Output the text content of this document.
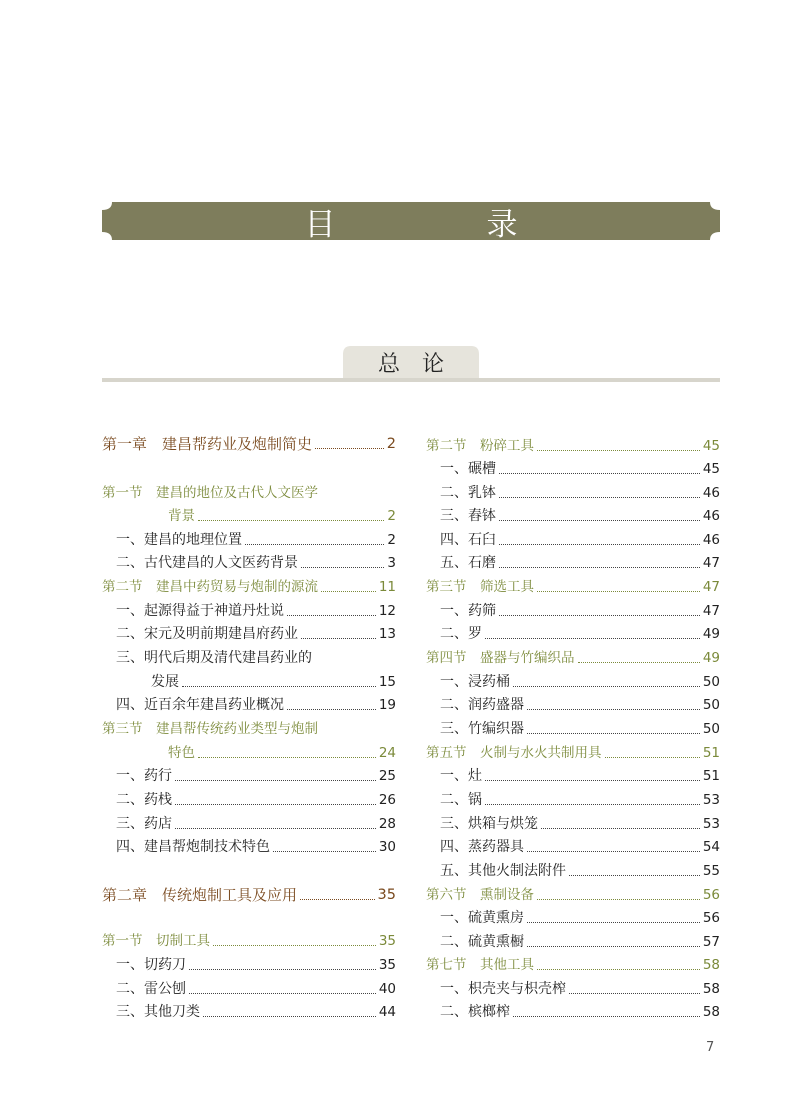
目　录
总论
第一章　建昌帮药业及炮制简史	2
第一节　建昌的地位及古代人文医学
背景	2
一、建昌的地理位置	2
二、古代建昌的人文医药背景	3
第二节　建昌中药贸易与炮制的源流	11
一、起源得益于神道丹灶说	12
二、宋元及明前期建昌府药业	13
三、明代后期及清代建昌药业的
发展	15
四、近百余年建昌药业概况	19
第三节　建昌帮传统药业类型与炮制
特色	24
一、药行	25
二、药栈	26
三、药店	28
四、建昌帮炮制技术特色	30
第二章　传统炮制工具及应用	35
第一节　切制工具	35
一、切药刀	35
二、雷公刨	40
三、其他刀类	44
第二节　粉碎工具	45
一、碾槽	45
二、乳钵	46
三、舂钵	46
四、石臼	46
五、石磨	47
第三节　筛选工具	47
一、药筛	47
二、罗	49
第四节　盛器与竹编织品	49
一、浸药桶	50
二、润药盛器	50
三、竹编织器	50
第五节　火制与水火共制用具	51
一、灶	51
二、锅	53
三、烘箱与烘笼	53
四、蒸药器具	54
五、其他火制法附件	55
第六节　熏制设备	56
一、硫黄熏房	56
二、硫黄熏橱	57
第七节　其他工具	58
一、枳壳夹与枳壳榨	58
二、槟榔榨	58
7
